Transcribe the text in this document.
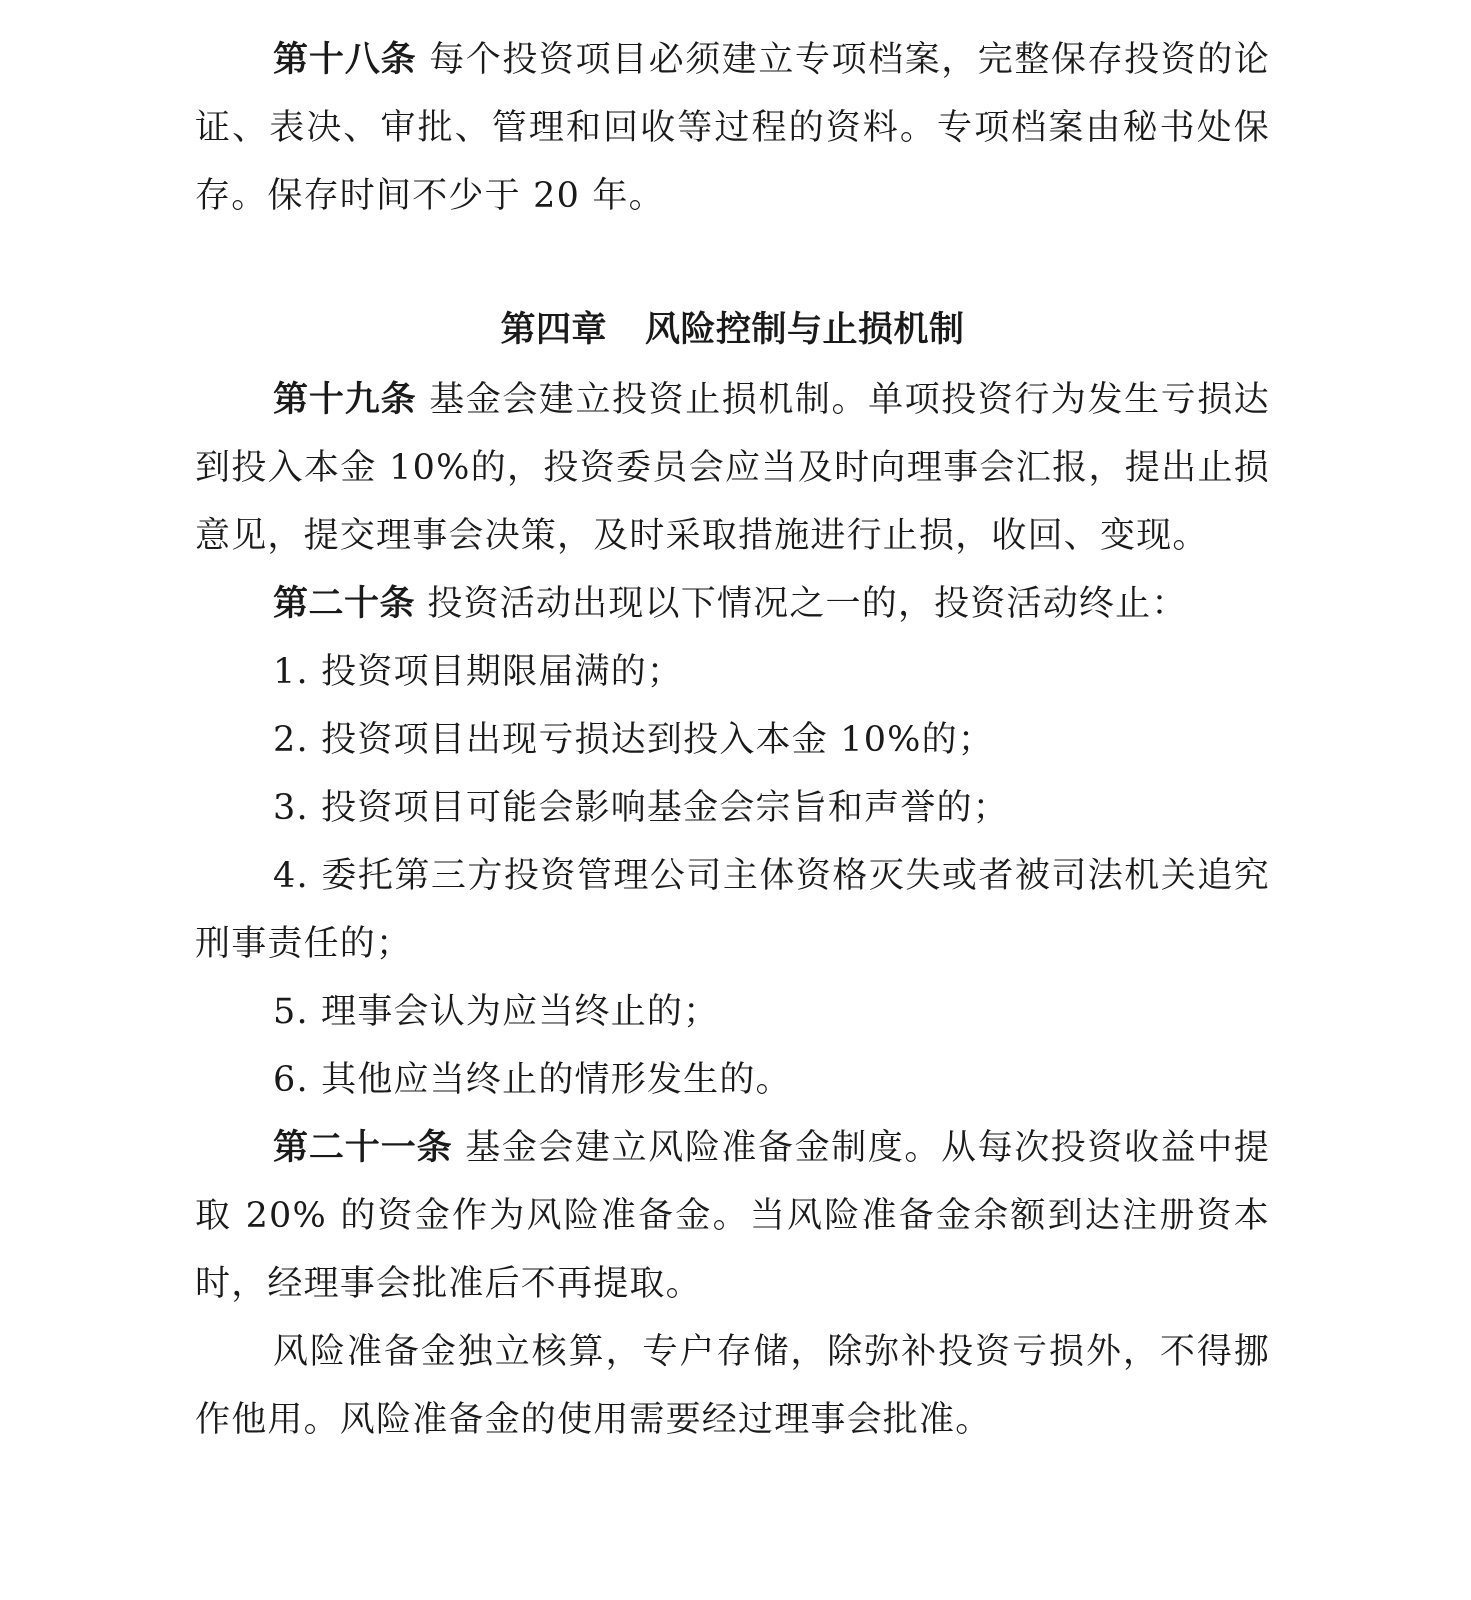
第十八条 每个投资项目必须建立专项档案，完整保存投资的论证、表决、审批、管理和回收等过程的资料。专项档案由秘书处保存。保存时间不少于 20 年。

第四章 风险控制与止损机制

第十九条 基金会建立投资止损机制。单项投资行为发生亏损达到投入本金 10%的，投资委员会应当及时向理事会汇报，提出止损意见，提交理事会决策，及时采取措施进行止损，收回、变现。

第二十条 投资活动出现以下情况之一的，投资活动终止：

1. 投资项目期限届满的；

2. 投资项目出现亏损达到投入本金 10%的；

3. 投资项目可能会影响基金会宗旨和声誉的；

4. 委托第三方投资管理公司主体资格灭失或者被司法机关追究刑事责任的；

5. 理事会认为应当终止的；

6. 其他应当终止的情形发生的。

第二十一条 基金会建立风险准备金制度。从每次投资收益中提取 20% 的资金作为风险准备金。当风险准备金余额到达注册资本时，经理事会批准后不再提取。

风险准备金独立核算，专户存储，除弥补投资亏损外，不得挪作他用。风险准备金的使用需要经过理事会批准。
